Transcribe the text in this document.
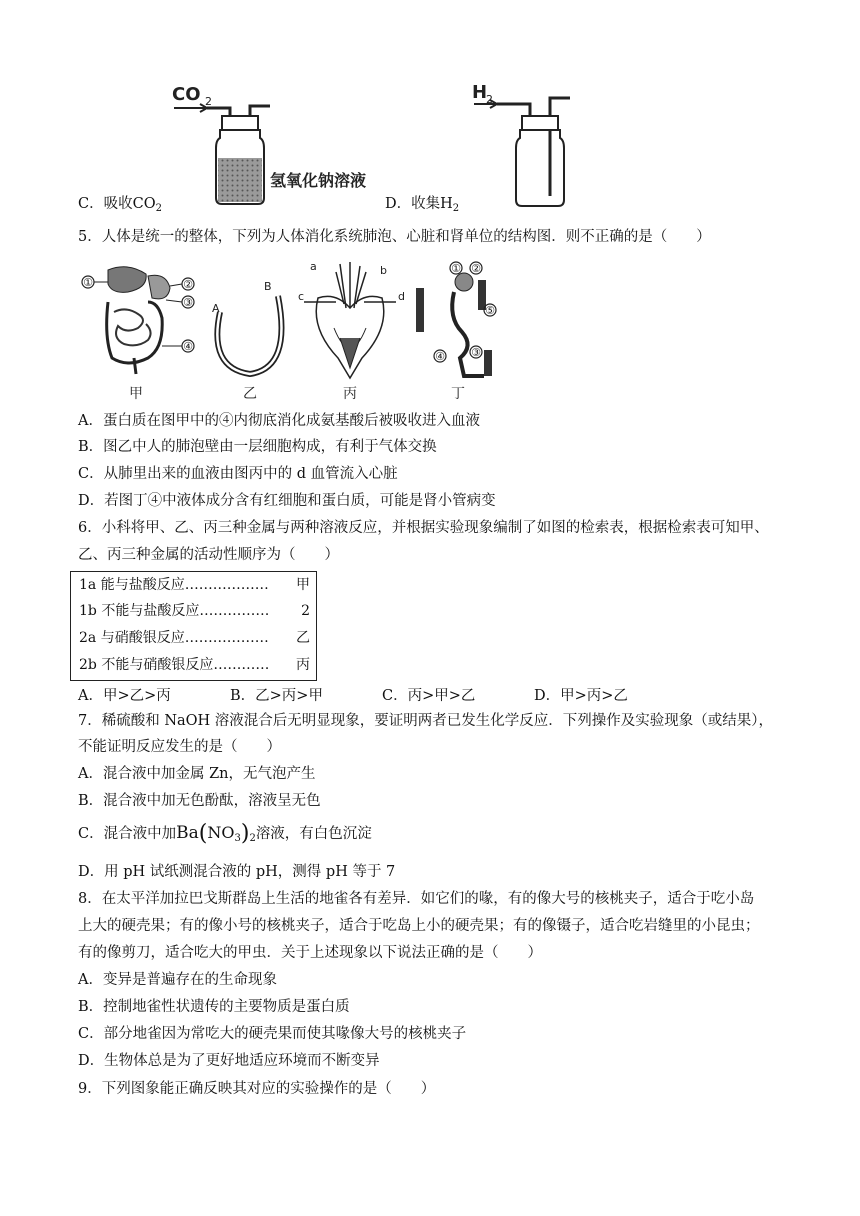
CO 2
氢氧化钠溶液
H
2
C．吸收$CO_2$	D．收集$H_2$
5．人体是统一的整体，下列为人体消化系统肺泡、心脏和肾单位的结构图．则不正确的是（　　）
①	②
③
④
甲
A
B
乙
a	b
c	d
丙
① ②
③
④
⑤
丁
A．蛋白质在图甲中的④内彻底消化成氨基酸后被吸收进入血液
B．图乙中人的肺泡壁由一层细胞构成，有利于气体交换
C．从肺里出来的血液由图丙中的 d 血管流入心脏
D．若图丁④中液体成分含有红细胞和蛋白质，可能是肾小管病变
6．小科将甲、乙、丙三种金属与两种溶液反应，并根据实验现象编制了如图的检索表，根据检索表可知甲、
乙、丙三种金属的活动性顺序为（　　）
1a 能与盐酸反应……………… 甲
1b 不能与盐酸反应…………… 2
2a 与硝酸银反应……………… 乙
2b 不能与硝酸银反应………… 丙
A．甲>乙>丙	B．乙>丙>甲	C．丙>甲>乙	D．甲>丙>乙
7．稀硫酸和 NaOH 溶液混合后无明显现象，要证明两者已发生化学反应．下列操作及实验现象（或结果），
不能证明反应发生的是（　　）
A．混合液中加金属 Zn，无气泡产生
B．混合液中加无色酚酞，溶液呈无色
C．混合液中加$Ba(NO_3)_2$溶液，有白色沉淀
D．用 pH 试纸测混合液的 pH，测得 pH 等于 7
8．在太平洋加拉巴戈斯群岛上生活的地雀各有差异．如它们的喙，有的像大号的核桃夹子，适合于吃小岛
上大的硬壳果；有的像小号的核桃夹子，适合于吃岛上小的硬壳果；有的像镊子，适合吃岩缝里的小昆虫；
有的像剪刀，适合吃大的甲虫．关于上述现象以下说法正确的是（　　）
A．变异是普遍存在的生命现象
B．控制地雀性状遗传的主要物质是蛋白质
C．部分地雀因为常吃大的硬壳果而使其喙像大号的核桃夹子
D．生物体总是为了更好地适应环境而不断变异
9．下列图象能正确反映其对应的实验操作的是（　　）
